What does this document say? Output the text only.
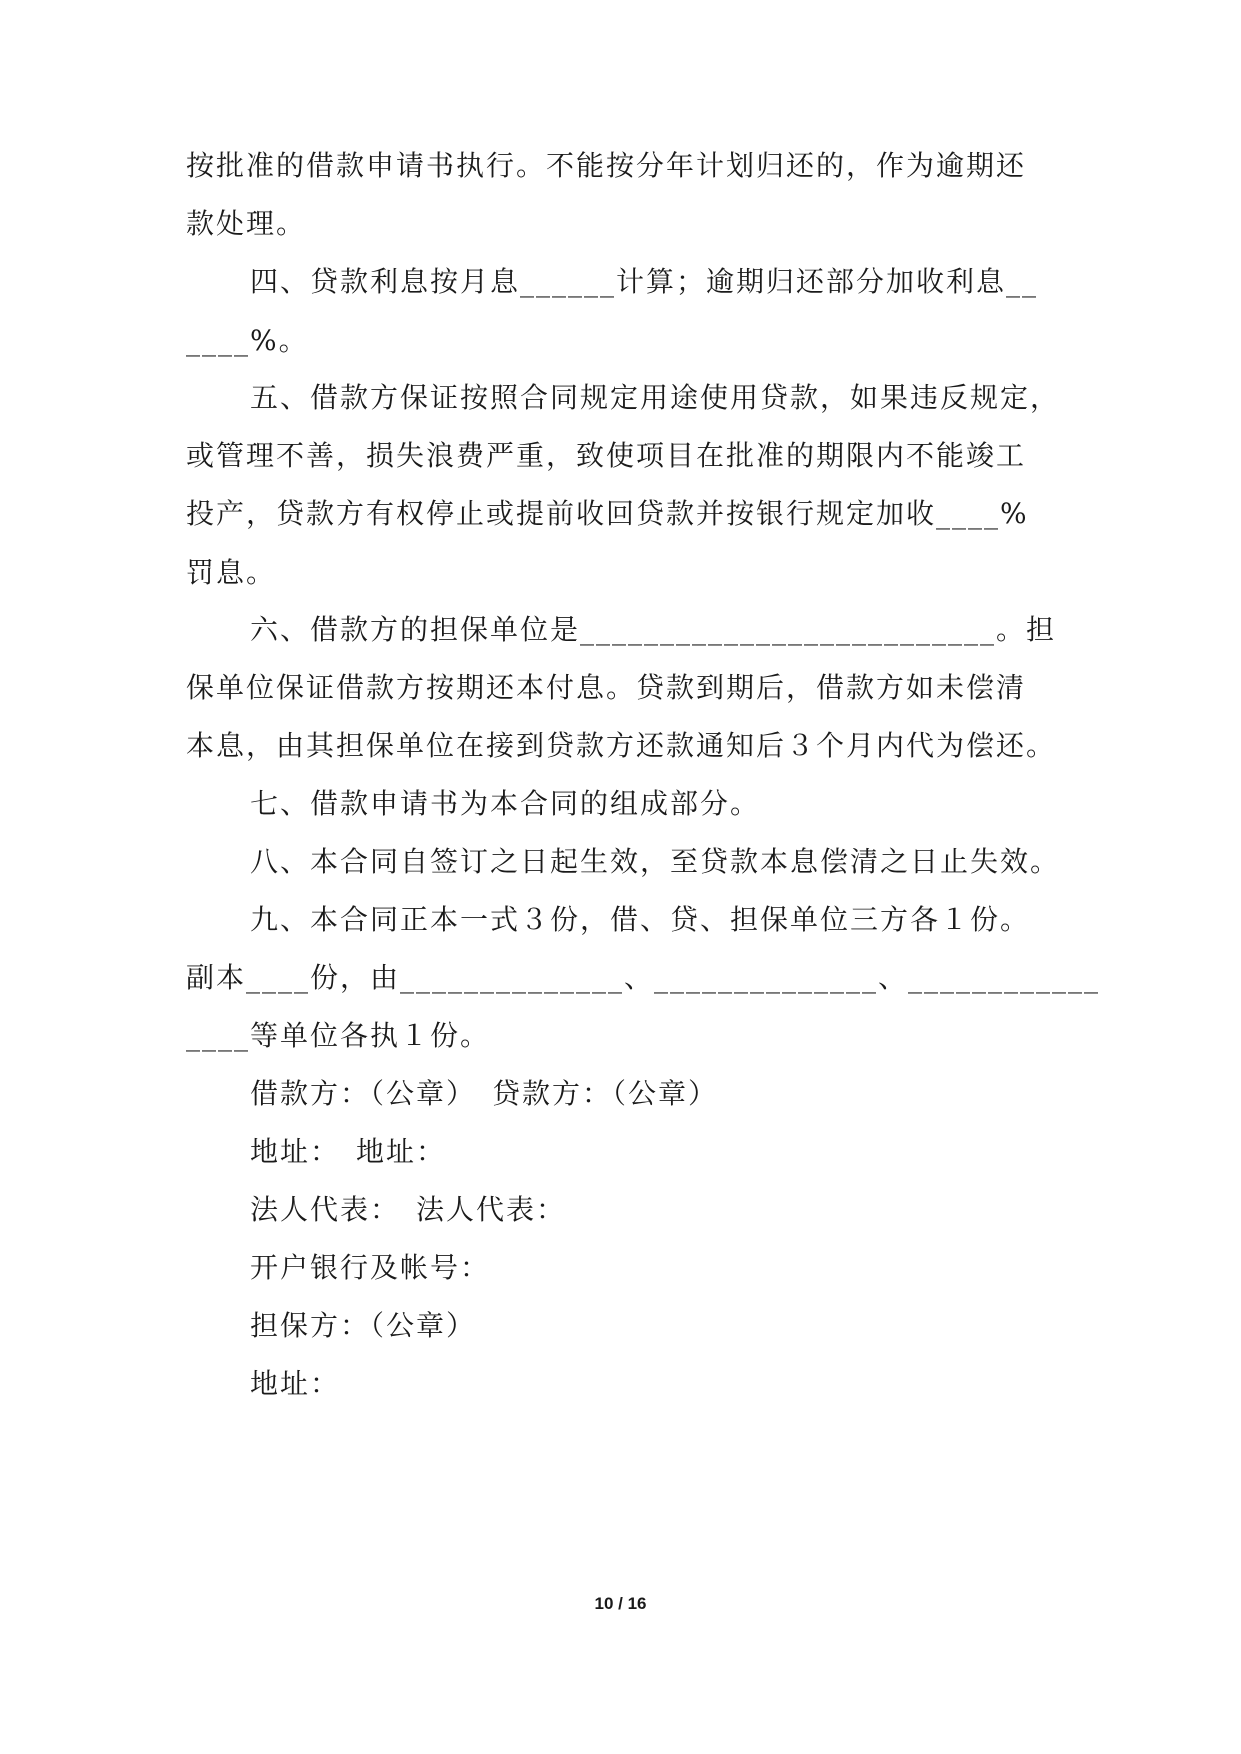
按批准的借款申请书执行。不能按分年计划归还的，作为逾期还
款处理。
四、贷款利息按月息______计算；逾期归还部分加收利息__
____%。
五、借款方保证按照合同规定用途使用贷款，如果违反规定，
或管理不善，损失浪费严重，致使项目在批准的期限内不能竣工
投产，贷款方有权停止或提前收回贷款并按银行规定加收____%
罚息。
六、借款方的担保单位是__________________________。担
保单位保证借款方按期还本付息。贷款到期后，借款方如未偿清
本息，由其担保单位在接到贷款方还款通知后３个月内代为偿还。
七、借款申请书为本合同的组成部分。
八、本合同自签订之日起生效，至贷款本息偿清之日止失效。
九、本合同正本一式３份，借、贷、担保单位三方各１份。
副本____份，由______________、______________、____________
____等单位各执１份。
借款方：（公章）　贷款方：（公章）
地址：　地址：
法人代表：　法人代表：
开户银行及帐号：
担保方：（公章）
地址：
10 / 16
